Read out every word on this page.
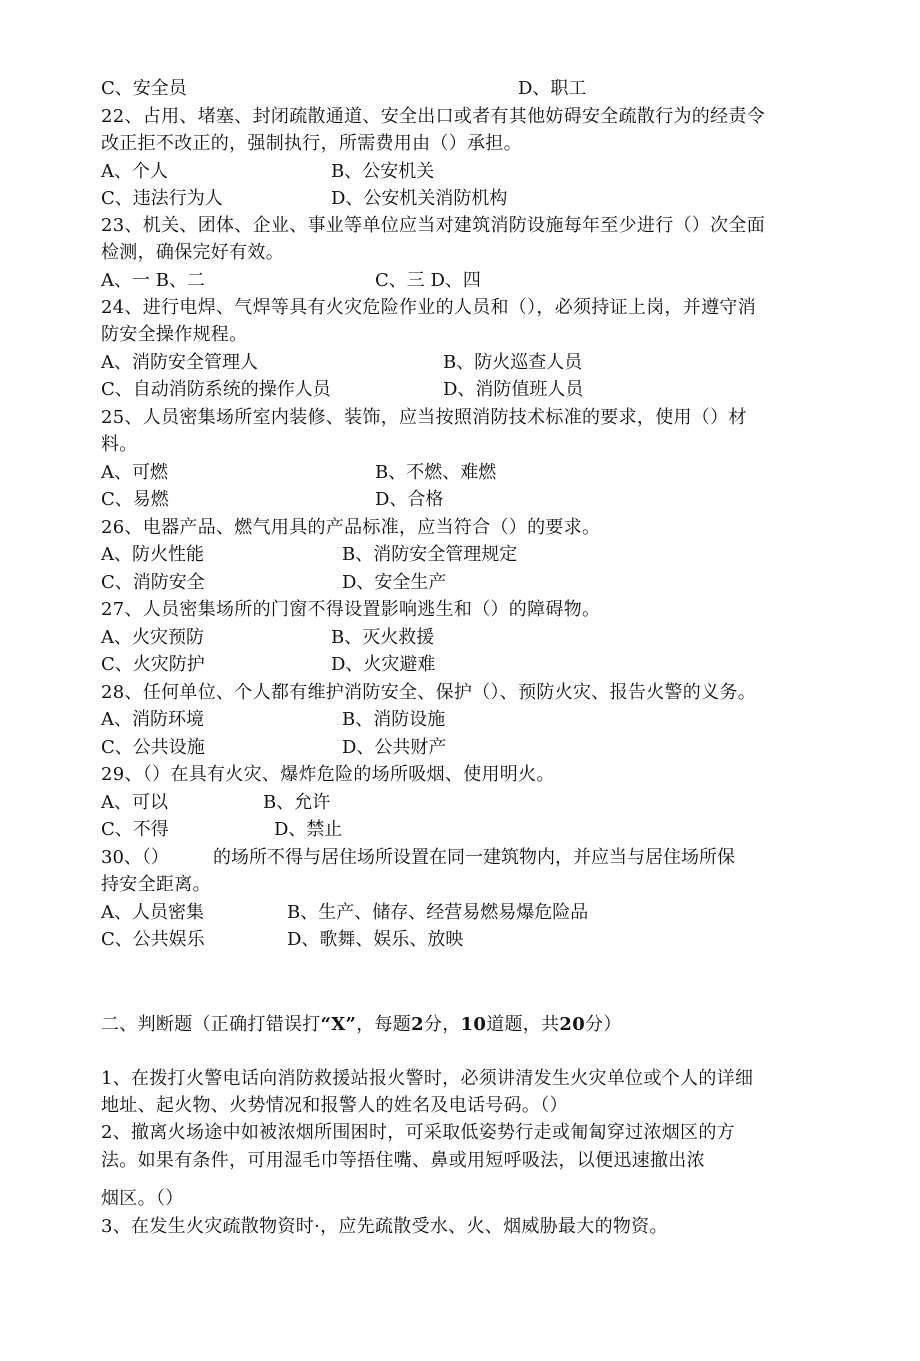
C、安全员	D、职工
22、占用、堵塞、封闭疏散通道、安全出口或者有其他妨碍安全疏散行为的经责令
改正拒不改正的，强制执行，所需费用由（）承担。
A、个人	B、公安机关
C、违法行为人	D、公安机关消防机构
23、机关、团体、企业、事业等单位应当对建筑消防设施每年至少进行（）次全面
检测，确保完好有效。
A、一 B、二	C、三 D、四
24、进行电焊、气焊等具有火灾危险作业的人员和（），必须持证上岗，并遵守消
防安全操作规程。
A、消防安全管理人	B、防火巡查人员
C、自动消防系统的操作人员	D、消防值班人员
25、人员密集场所室内装修、装饰，应当按照消防技术标准的要求，使用（）材
料。
A、可燃	B、不燃、难燃
C、易燃	D、合格
26、电器产品、燃气用具的产品标准，应当符合（）的要求。
A、防火性能	B、消防安全管理规定
C、消防安全	D、安全生产
27、人员密集场所的门窗不得设置影响逃生和（）的障碍物。
A、火灾预防	B、灭火救援
C、火灾防护	D、火灾避难
28、任何单位、个人都有维护消防安全、保护（）、预防火灾、报告火警的义务。
A、消防环境	B、消防设施
C、公共设施	D、公共财产
29、（）在具有火灾、爆炸危险的场所吸烟、使用明火。
A、可以	B、允许
C、不得	D、禁止
30、（） 的场所不得与居住场所设置在同一建筑物内，并应当与居住场所保
持安全距离。
A、人员密集	B、生产、储存、经营易燃易爆危险品
C、公共娱乐	D、歌舞、娱乐、放映
二、判断题（正确打错误打“X”，每题2分，10道题，共20分）
1、在拨打火警电话向消防救援站报火警时，必须讲清发生火灾单位或个人的详细
地址、起火物、火势情况和报警人的姓名及电话号码。（）
2、撤离火场途中如被浓烟所围困时，可采取低姿势行走或匍匐穿过浓烟区的方
法。如果有条件，可用湿毛巾等捂住嘴、鼻或用短呼吸法，以便迅速撤出浓
烟区。（）
3、在发生火灾疏散物资时·，应先疏散受水、火、烟威胁最大的物资。
